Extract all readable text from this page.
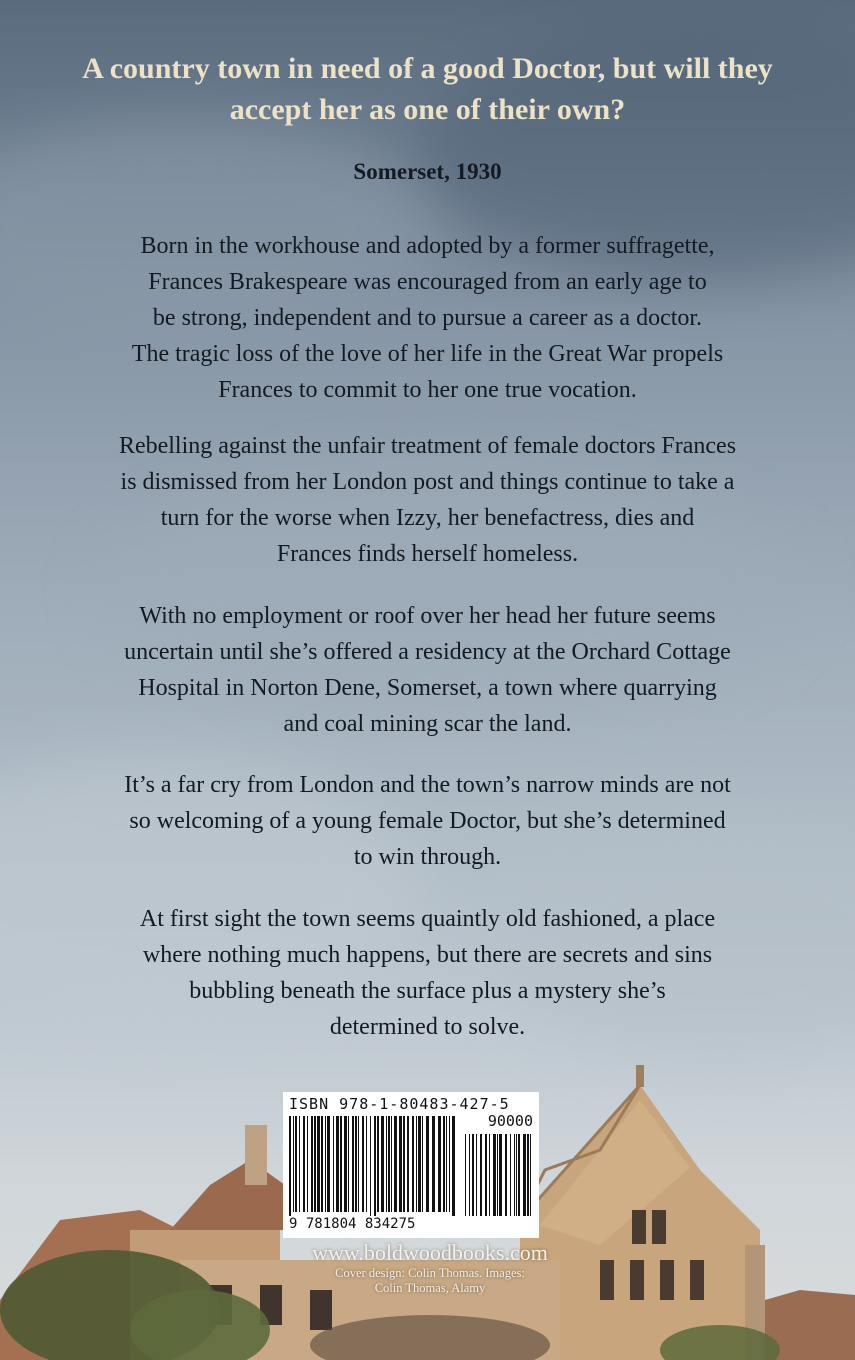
A country town in need of a good Doctor, but will they
accept her as one of their own?

Somerset, 1930

Born in the workhouse and adopted by a former suffragette,
Frances Brakespeare was encouraged from an early age to
be strong, independent and to pursue a career as a doctor.
The tragic loss of the love of her life in the Great War propels
Frances to commit to her one true vocation.

Rebelling against the unfair treatment of female doctors Frances
is dismissed from her London post and things continue to take a
turn for the worse when Izzy, her benefactress, dies and
Frances finds herself homeless.

With no employment or roof over her head her future seems
uncertain until she’s offered a residency at the Orchard Cottage
Hospital in Norton Dene, Somerset, a town where quarrying
and coal mining scar the land.

It’s a far cry from London and the town’s narrow minds are not
so welcoming of a young female Doctor, but she’s determined
to win through.

At first sight the town seems quaintly old fashioned, a place
where nothing much happens, but there are secrets and sins
bubbling beneath the surface plus a mystery she’s
determined to solve.

ISBN 978-1-80483-427-5

90000

9 781804 834275

www.boldwoodbooks.com

Cover design: Colin Thomas. Images:
Colin Thomas, Alamy
